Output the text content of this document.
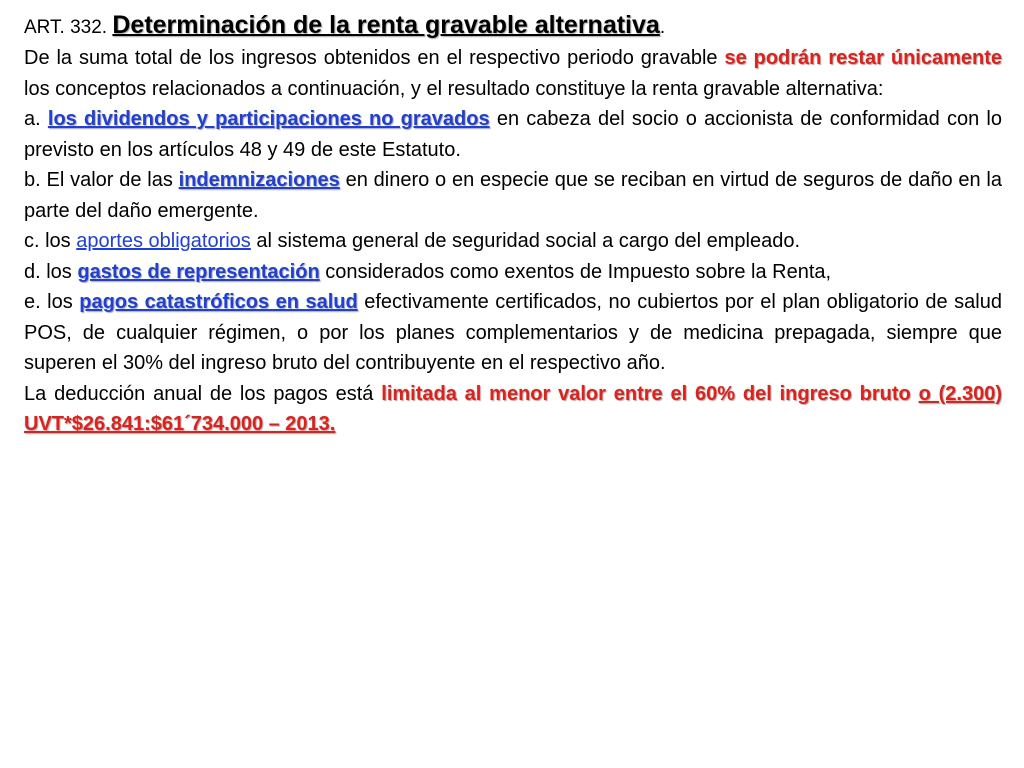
ART. 332. Determinación de la renta gravable alternativa.

De la suma total de los ingresos obtenidos en el respectivo periodo gravable se podrán restar únicamente los conceptos relacionados a continuación, y el resultado constituye la renta gravable alternativa:

a. los dividendos y participaciones no gravados en cabeza del socio o accionista de conformidad con lo previsto en los artículos 48 y 49 de este Estatuto.

b. El valor de las indemnizaciones en dinero o en especie que se reciban en virtud de seguros de daño en la parte del daño emergente.

c. los aportes obligatorios al sistema general de seguridad social a cargo del empleado.

d. los gastos de representación considerados como exentos de Impuesto sobre la Renta,

e. los pagos catastróficos en salud efectivamente certificados, no cubiertos por el plan obligatorio de salud POS, de cualquier régimen, o por los planes complementarios y de medicina prepagada, siempre que superen el 30% del ingreso bruto del contribuyente en el respectivo año.

La deducción anual de los pagos está limitada al menor valor entre el 60% del ingreso bruto o (2.300) UVT*$26.841:$61´734.000 – 2013.
